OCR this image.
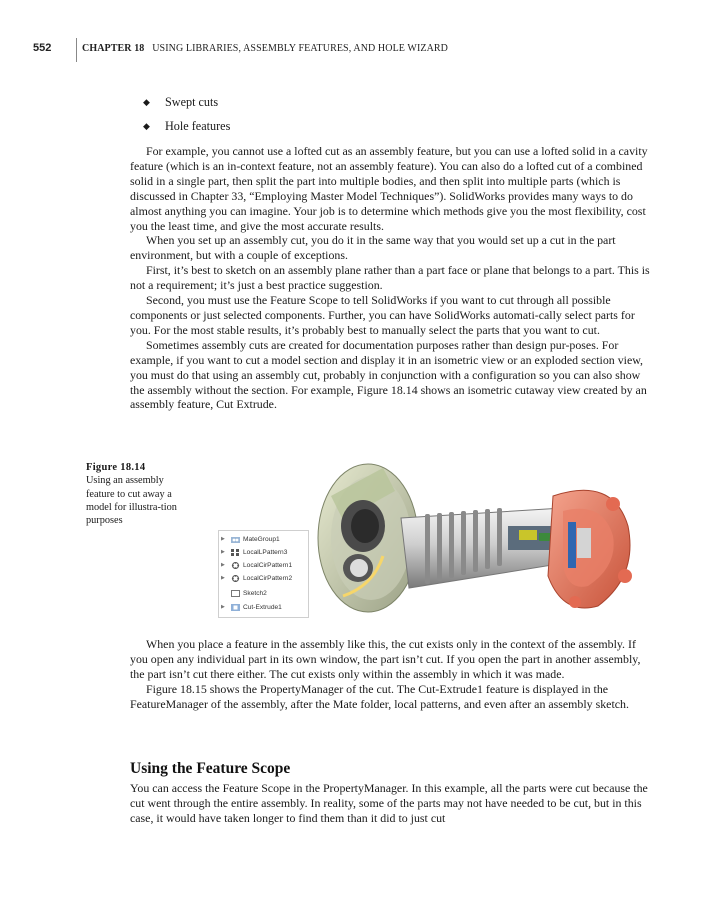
552	CHAPTER 18 USING LIBRARIES, ASSEMBLY FEATURES, AND HOLE WIZARD
◆ Swept cuts
◆ Hole features

For example, you cannot use a lofted cut as an assembly feature, but you can use a lofted solid in a cavity feature (which is an in-context feature, not an assembly feature). You can also do a lofted cut of a combined solid in a single part, then split the part into multiple bodies, and then split into multiple parts (which is discussed in Chapter 33, “Employing Master Model Techniques”). SolidWorks provides many ways to do almost anything you can imagine. Your job is to determine which methods give you the most flexibility, cost you the least time, and give the most accurate results.

When you set up an assembly cut, you do it in the same way that you would set up a cut in the part environment, but with a couple of exceptions.

First, it’s best to sketch on an assembly plane rather than a part face or plane that belongs to a part. This is not a requirement; it’s just a best practice suggestion.

Second, you must use the Feature Scope to tell SolidWorks if you want to cut through all possible components or just selected components. Further, you can have SolidWorks automati-cally select parts for you. For the most stable results, it’s probably best to manually select the parts that you want to cut.

Sometimes assembly cuts are created for documentation purposes rather than design pur-poses. For example, if you want to cut a model section and display it in an isometric view or an exploded section view, you must do that using an assembly cut, probably in conjunction with a configuration so you can also show the assembly without the section. For example, Figure 18.14 shows an isometric cutaway view created by an assembly feature, Cut Extrude.

Figure 18.14
Using an assembly feature to cut away a model for illustra-tion purposes
▶	MateGroup1
▶	LocalLPattern3
▶	LocalCirPattern1
▶	LocalCirPattern2
Sketch2
▶	Cut-Extrude1

When you place a feature in the assembly like this, the cut exists only in the context of the assembly. If you open any individual part in its own window, the part isn’t cut. If you open the part in another assembly, the part isn’t cut there either. The cut exists only within the assembly in which it was made.

Figure 18.15 shows the PropertyManager of the cut. The Cut-Extrude1 feature is displayed in the FeatureManager of the assembly, after the Mate folder, local patterns, and even after an assembly sketch.

Using the Feature Scope

You can access the Feature Scope in the PropertyManager. In this example, all the parts were cut because the cut went through the entire assembly. In reality, some of the parts may not have needed to be cut, but in this case, it would have taken longer to find them than it did to just cut
